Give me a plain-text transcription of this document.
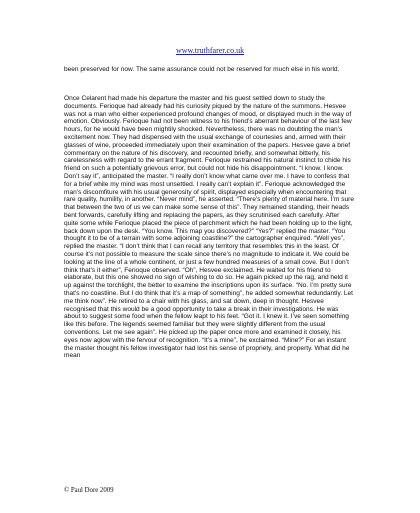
www.truthfarer.co.uk

been preserved for now. The same assurance could not be reserved for much else in his world.

Once Celarent had made his departure the master and his guest settled down to study the documents. Ferioque had already had his curiosity piqued by the nature of the summons. Hesvee was not a man who either experienced profound changes of mood, or displayed much in the way of emotion. Obviously. Ferioque had not been witness to his friend’s aberrant behaviour of the last few hours, for he would have been mightily shocked. Nevertheless, there was no doubting the man’s excitement now. They had dispensed with the usual exchange of courtesies and, armed with their glasses of wine, proceeded immediately upon their examination of the papers. Hesvee gave a brief commentary on the nature of his discovery, and recounted briefly, and somewhat bitterly, his carelessness with regard to the errant fragment. Ferioque restrained his natural instinct to chide his friend on such a potentially grievous error, but could not hide his disappointment. “I know. I know. Don’t say it”, anticipated the master. “I really don’t know what came over me. I have to confess that for a brief while my mind was most unsettled. I really can’t explain it”. Ferioque acknowledged the man’s discomfiture with his usual generosity of spirit, displayed especially when encountering that rare quality, humility, in another. “Never mind”, he asserted. “There’s plenty of material here. I’m sure that between the two of us we can make some sense of this”. They remained standing, their heads bent forwards, carefully lifting and replacing the papers, as they scrutinised each carefully. After quite some while Ferioque placed the piece of parchment which he had been holding up to the light, back down upon the desk. “You know. This map you discovered?” “Yes?” replied the master. “You thought it to be of a terrain with some adjoining coastline?” the cartographer enquired. “Well yes”, replied the master. “I don’t think that I can recall any territory that resembles this in the least. Of course it’s not possible to measure the scale since there’s no magnitude to indicate it. We could be looking at the line of a whole continent, or just a few hundred measures of a small cove. But I don’t think that’s it either”, Ferioque observed. “Oh”, Hesvee exclaimed. He waited for his friend to elaborate, but this one showed no sign of wishing to do so. He again picked up the rag, and held it up against the torchlight, the better to examine the inscriptions upon its surface. “No. I’m pretty sure that’s no coastline. But I do think that it’s a map of something”, he added somewhat redundantly. Let me think now”. He retired to a chair with his glass, and sat down, deep in thought. Hesvee recognised that this would be a good opportunity to take a break in their investigations. He was about to suggest some food when the fellow leapt to his feet. “Got it. I knew it. I’ve seen something like this before. The legends seemed familiar but they were slightly different from the usual conventions. Let me see again”. He picked up the paper once more and examined it closely, his eyes now aglow with the fervour of recognition. “It’s a mine”, he exclaimed. “Mine?” For an instant the master thought his fellow investigator had lost his sense of propriety, and property. What did he mean

© Paul Dore 2009
